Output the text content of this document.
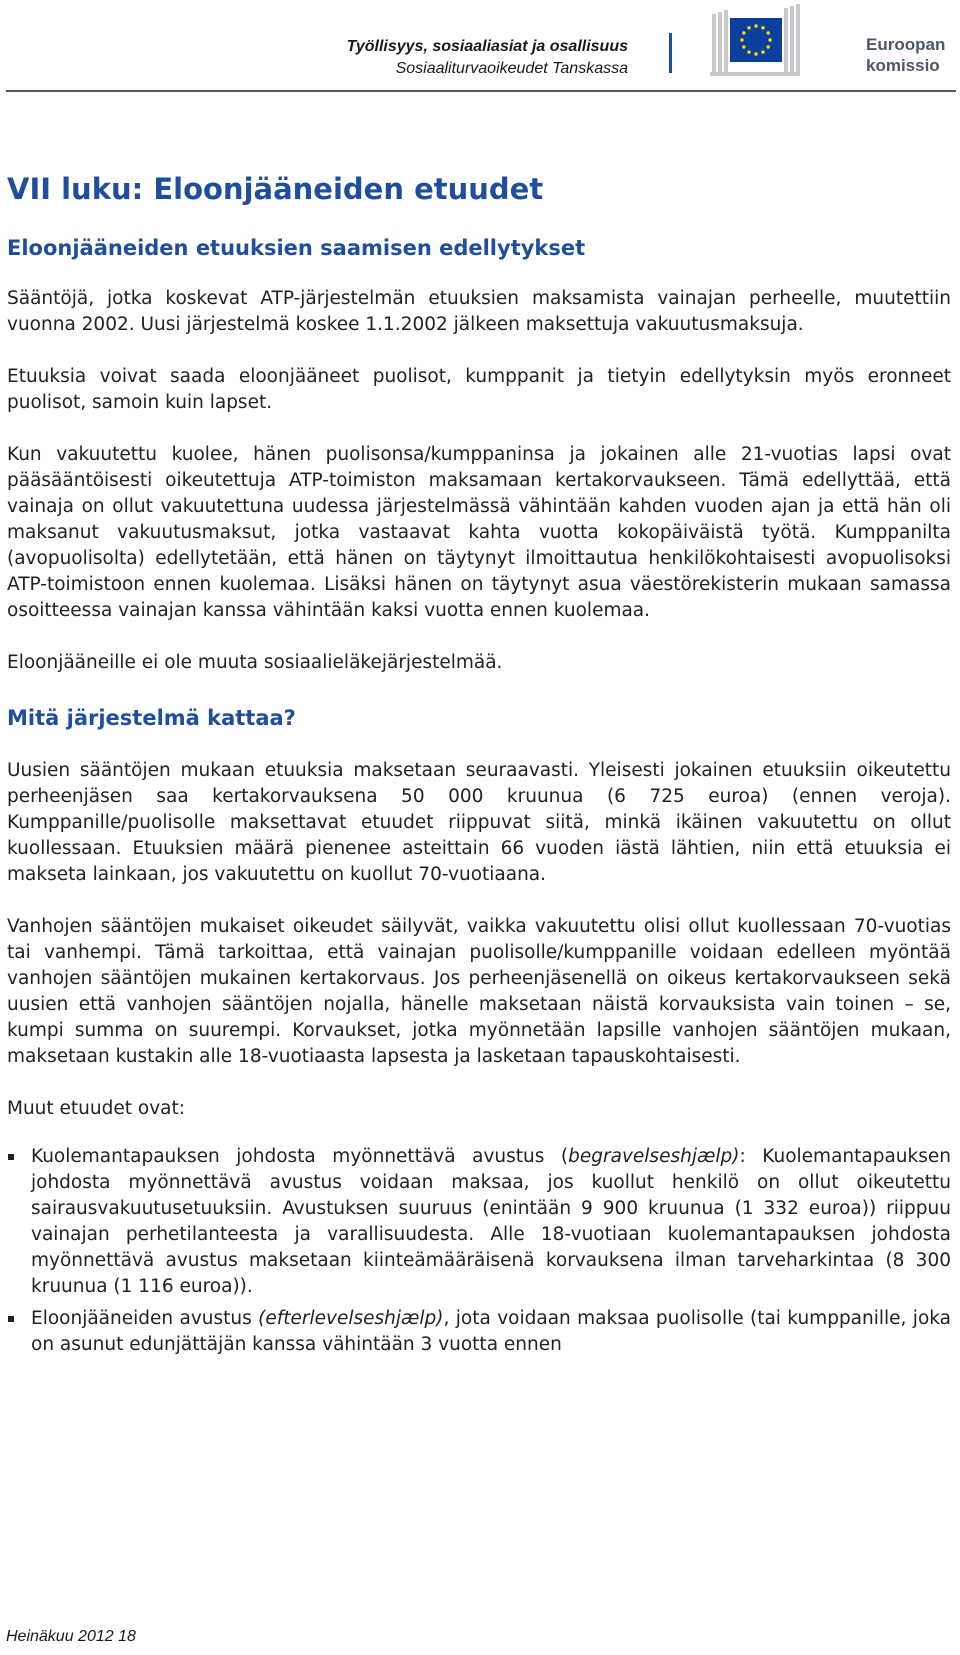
Työllisyys, sosiaaliasiat ja osallisuus
Sosiaaliturvaoikeudet Tanskassa
Euroopan
komissio
VII luku: Eloonjääneiden etuudet
Eloonjääneiden etuuksien saamisen edellytykset

Sääntöjä, jotka koskevat ATP-järjestelmän etuuksien maksamista vainajan perheelle, muutettiin vuonna 2002. Uusi järjestelmä koskee 1.1.2002 jälkeen maksettuja vakuutusmaksuja.

Etuuksia voivat saada eloonjääneet puolisot, kumppanit ja tietyin edellytyksin myös eronneet puolisot, samoin kuin lapset.

Kun vakuutettu kuolee, hänen puolisonsa/kumppaninsa ja jokainen alle 21-vuotias lapsi ovat pääsääntöisesti oikeutettuja ATP-toimiston maksamaan kertakorvaukseen. Tämä edellyttää, että vainaja on ollut vakuutettuna uudessa järjestelmässä vähintään kahden vuoden ajan ja että hän oli maksanut vakuutusmaksut, jotka vastaavat kahta vuotta kokopäiväistä työtä. Kumppanilta (avopuolisolta) edellytetään, että hänen on täytynyt ilmoittautua henkilökohtaisesti avopuolisoksi ATP-toimistoon ennen kuolemaa. Lisäksi hänen on täytynyt asua väestörekisterin mukaan samassa osoitteessa vainajan kanssa vähintään kaksi vuotta ennen kuolemaa.

Eloonjääneille ei ole muuta sosiaalieläkejärjestelmää.

Mitä järjestelmä kattaa?

Uusien sääntöjen mukaan etuuksia maksetaan seuraavasti. Yleisesti jokainen etuuksiin oikeutettu perheenjäsen saa kertakorvauksena 50 000 kruunua (6 725 euroa) (ennen veroja). Kumppanille/puolisolle maksettavat etuudet riippuvat siitä, minkä ikäinen vakuutettu on ollut kuollessaan. Etuuksien määrä pienenee asteittain 66 vuoden iästä lähtien, niin että etuuksia ei makseta lainkaan, jos vakuutettu on kuollut 70-vuotiaana.

Vanhojen sääntöjen mukaiset oikeudet säilyvät, vaikka vakuutettu olisi ollut kuollessaan 70-vuotias tai vanhempi. Tämä tarkoittaa, että vainajan puolisolle/kumppanille voidaan edelleen myöntää vanhojen sääntöjen mukainen kertakorvaus. Jos perheenjäsenellä on oikeus kertakorvaukseen sekä uusien että vanhojen sääntöjen nojalla, hänelle maksetaan näistä korvauksista vain toinen – se, kumpi summa on suurempi. Korvaukset, jotka myönnetään lapsille vanhojen sääntöjen mukaan, maksetaan kustakin alle 18-vuotiaasta lapsesta ja lasketaan tapauskohtaisesti.

Muut etuudet ovat:

Kuolemantapauksen johdosta myönnettävä avustus (begravelseshjælp): Kuolemantapauksen johdosta myönnettävä avustus voidaan maksaa, jos kuollut henkilö on ollut oikeutettu sairausvakuutusetuuksiin. Avustuksen suuruus (enintään 9 900 kruunua (1 332 euroa)) riippuu vainajan perhetilanteesta ja varallisuudesta. Alle 18-vuotiaan kuolemantapauksen johdosta myönnettävä avustus maksetaan kiinteämääräisenä korvauksena ilman tarveharkintaa (8 300 kruunua (1 116 euroa)).
Eloonjääneiden avustus (efterlevelseshjælp), jota voidaan maksaa puolisolle (tai kumppanille, joka on asunut edunjättäjän kanssa vähintään 3 vuotta ennen
Heinäkuu 2012 18
